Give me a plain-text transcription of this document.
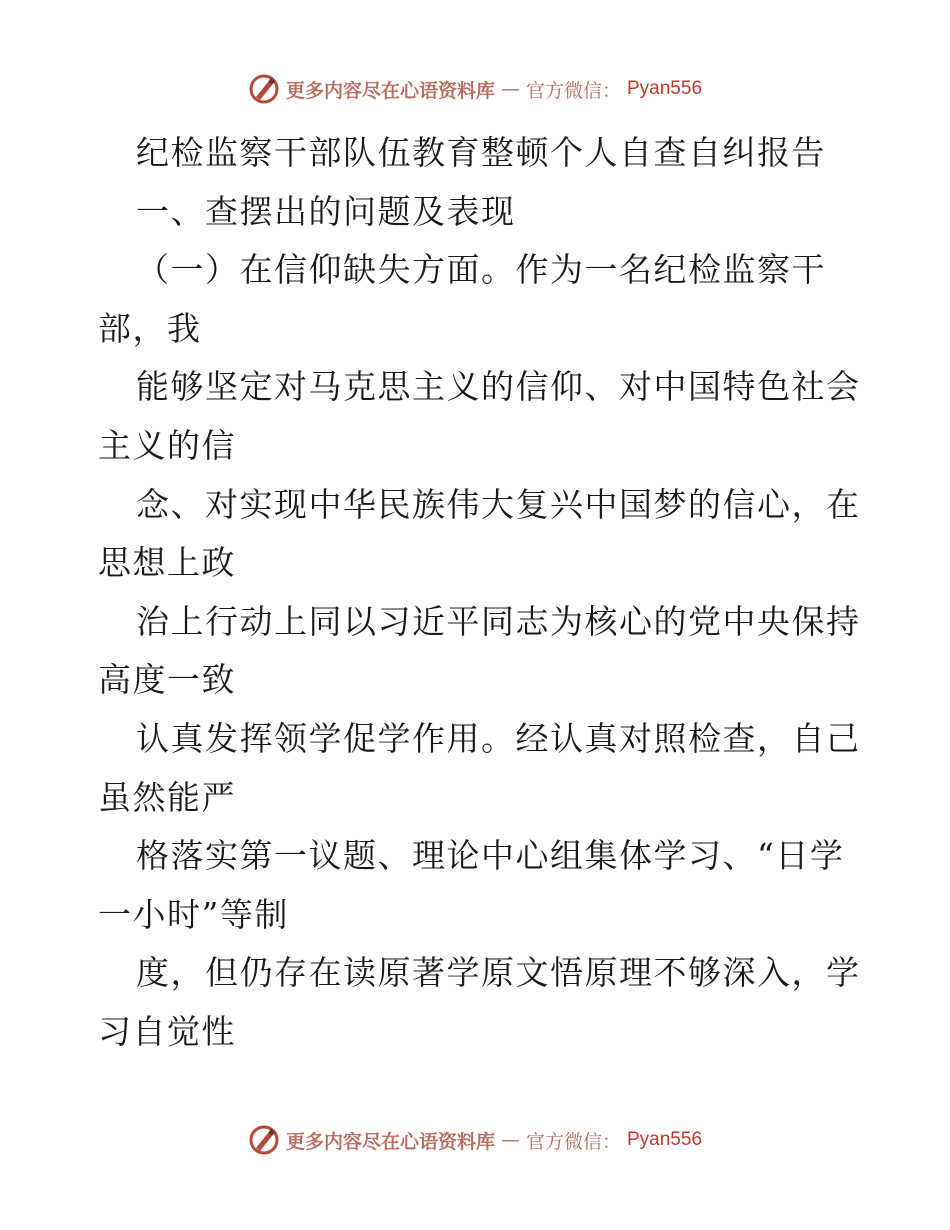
更多内容尽在心语资料库 — 官方微信： Pyan556
纪检监察干部队伍教育整顿个人自查自纠报告
一、查摆出的问题及表现
（一）在信仰缺失方面。作为一名纪检监察干
部，我
能够坚定对马克思主义的信仰、对中国特色社会
主义的信
念、对实现中华民族伟大复兴中国梦的信心，在
思想上政
治上行动上同以习近平同志为核心的党中央保持
高度一致
认真发挥领学促学作用。经认真对照检查，自己
虽然能严
格落实第一议题、理论中心组集体学习、“日学
一小时”等制
度，但仍存在读原著学原文悟原理不够深入，学
习自觉性
更多内容尽在心语资料库 — 官方微信： Pyan556
